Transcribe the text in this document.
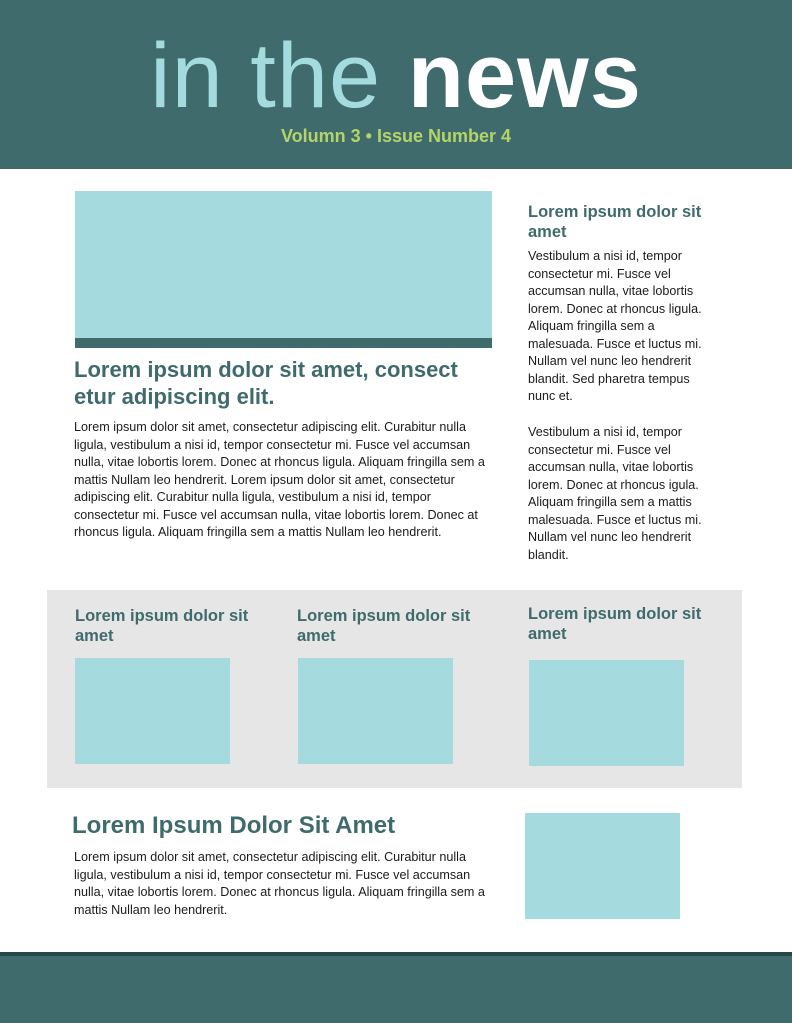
in the news
Volumn 3 • Issue Number 4
Lorem ipsum dolor sit amet, consect etur adipiscing elit.

Lorem ipsum dolor sit amet, consectetur adipiscing elit. Curabitur nulla ligula, vestibulum a nisi id, tempor consectetur mi. Fusce vel accumsan nulla, vitae lobortis lorem. Donec at rhoncus ligula. Aliquam fringilla sem a mattis Nullam leo hendrerit. Lorem ipsum dolor sit amet, consectetur adipiscing elit. Curabitur nulla ligula, vestibulum a nisi id, tempor consectetur mi. Fusce vel accumsan nulla, vitae lobortis lorem. Donec at rhoncus ligula. Aliquam fringilla sem a mattis Nullam leo hendrerit.

Lorem ipsum dolor sit amet

Vestibulum a nisi id, tempor consectetur mi. Fusce vel accumsan nulla, vitae lobortis lorem. Donec at rhoncus ligula. Aliquam fringilla sem a malesuada. Fusce et luctus mi. Nullam vel nunc leo hendrerit blandit. Sed pharetra tempus nunc et.

Vestibulum a nisi id, tempor consectetur mi. Fusce vel accumsan nulla, vitae lobortis lorem. Donec at rhoncus igula. Aliquam fringilla sem a mattis malesuada. Fusce et luctus mi. Nullam vel nunc leo hendrerit blandit.

Lorem ipsum dolor sit amet
Lorem ipsum dolor sit amet
Lorem ipsum dolor sit amet
Lorem Ipsum Dolor Sit Amet

Lorem ipsum dolor sit amet, consectetur adipiscing elit. Curabitur nulla ligula, vestibulum a nisi id, tempor consectetur mi. Fusce vel accumsan nulla, vitae lobortis lorem. Donec at rhoncus ligula. Aliquam fringilla sem a mattis Nullam leo hendrerit.
